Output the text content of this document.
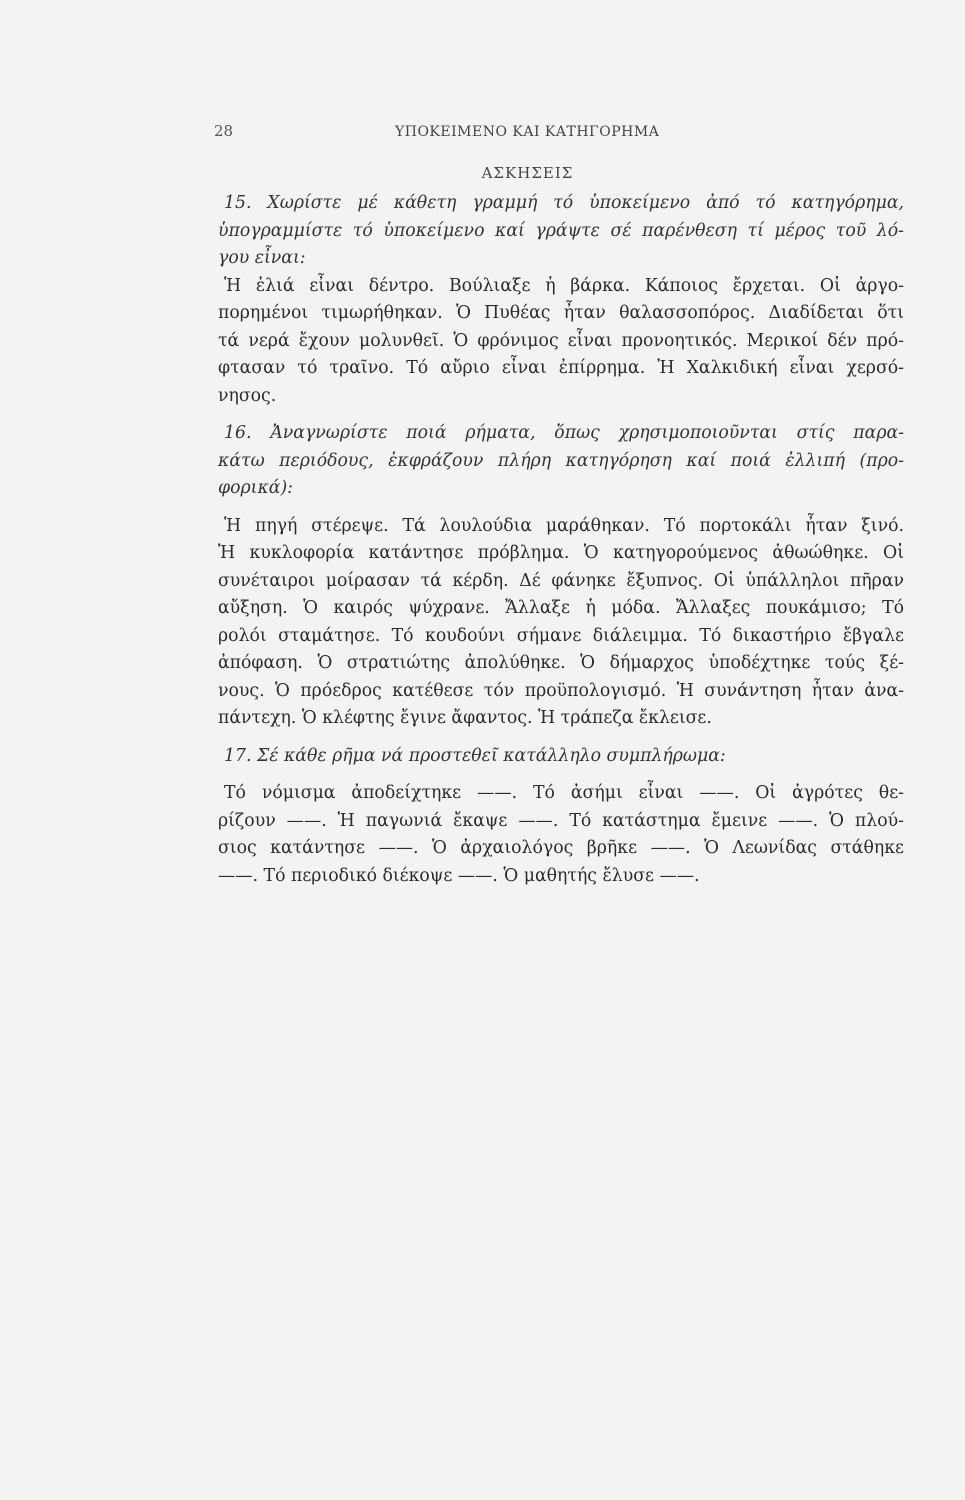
28	ΥΠΟΚΕΙΜΕΝΟ ΚΑΙ ΚΑΤΗΓΟΡΗΜΑ
ΑΣΚΗΣΕΙΣ
15. Χωρίστε μέ κάθετη γραμμή τό ὑποκείμενο ἀπό τό κατηγόρημα,
ὑπογραμμίστε τό ὑποκείμενο καί γράψτε σέ παρένθεση τί μέρος τοῦ λό-
γου εἶναι:
Ἡ ἐλιά εἶναι δέντρο. Βούλιαξε ἡ βάρκα. Κάποιος ἔρχεται. Οἱ ἀργο-
πορημένοι τιμωρήθηκαν. Ὁ Πυθέας ἦταν θαλασσοπόρος. Διαδίδεται ὅτι
τά νερά ἔχουν μολυνθεῖ. Ὁ φρόνιμος εἶναι προνοητικός. Μερικοί δέν πρό-
φτασαν τό τραῖνο. Τό αὔριο εἶναι ἐπίρρημα. Ἡ Χαλκιδική εἶναι χερσό-
νησος.
16. Ἀναγνωρίστε ποιά ρήματα, ὅπως χρησιμοποιοῦνται στίς παρα-
κάτω περιόδους, ἐκφράζουν πλήρη κατηγόρηση καί ποιά ἐλλιπή (προ-
φορικά):
Ἡ πηγή στέρεψε. Τά λουλούδια μαράθηκαν. Τό πορτοκάλι ἦταν ξινό.
Ἡ κυκλοφορία κατάντησε πρόβλημα. Ὁ κατηγορούμενος ἀθωώθηκε. Οἱ
συνέταιροι μοίρασαν τά κέρδη. Δέ φάνηκε ἔξυπνος. Οἱ ὑπάλληλοι πῆραν
αὔξηση. Ὁ καιρός ψύχρανε. Ἄλλαξε ἡ μόδα. Ἄλλαξες πουκάμισο; Τό
ρολόι σταμάτησε. Τό κουδούνι σήμανε διάλειμμα. Τό δικαστήριο ἔβγαλε
ἀπόφαση. Ὁ στρατιώτης ἀπολύθηκε. Ὁ δήμαρχος ὑποδέχτηκε τούς ξέ-
νους. Ὁ πρόεδρος κατέθεσε τόν προϋπολογισμό. Ἡ συνάντηση ἦταν ἀνα-
πάντεχη. Ὁ κλέφτης ἔγινε ἄφαντος. Ἡ τράπεζα ἔκλεισε.
17. Σέ κάθε ρῆμα νά προστεθεῖ κατάλληλο συμπλήρωμα:
Τό νόμισμα ἀποδείχτηκε ——. Τό ἀσήμι εἶναι ——. Οἱ ἀγρότες θε-
ρίζουν ——. Ἡ παγωνιά ἔκαψε ——. Τό κατάστημα ἔμεινε ——. Ὁ πλού-
σιος κατάντησε ——. Ὁ ἀρχαιολόγος βρῆκε ——. Ὁ Λεωνίδας στάθηκε
——. Τό περιοδικό διέκοψε ——. Ὁ μαθητής ἔλυσε ——.
